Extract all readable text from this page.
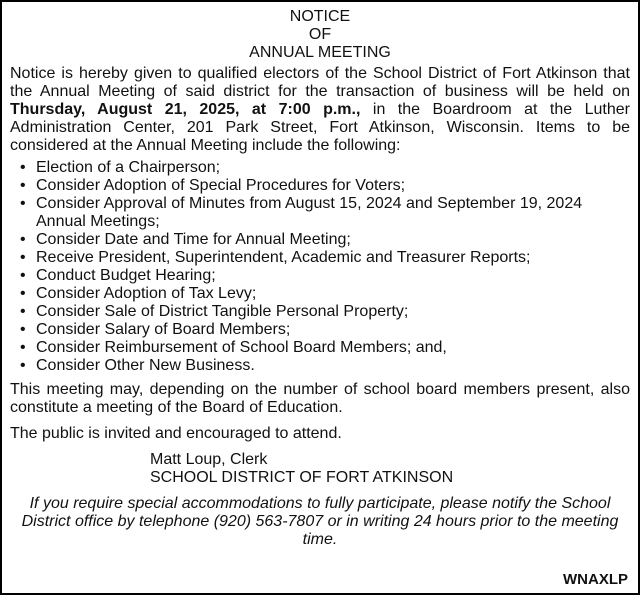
NOTICE
OF
ANNUAL MEETING

Notice is hereby given to qualified electors of the School District of Fort Atkinson that the Annual Meeting of said district for the transaction of business will be held on Thursday, August 21, 2025, at 7:00 p.m., in the Boardroom at the Luther Administration Center, 201 Park Street, Fort Atkinson, Wisconsin. Items to be considered at the Annual Meeting include the following:

• Election of a Chairperson;
• Consider Adoption of Special Procedures for Voters;
• Consider Approval of Minutes from August 15, 2024 and September 19, 2024 Annual Meetings;
• Consider Date and Time for Annual Meeting;
• Receive President, Superintendent, Academic and Treasurer Reports;
• Conduct Budget Hearing;
• Consider Adoption of Tax Levy;
• Consider Sale of District Tangible Personal Property;
• Consider Salary of Board Members;
• Consider Reimbursement of School Board Members; and,
• Consider Other New Business.

This meeting may, depending on the number of school board members present, also constitute a meeting of the Board of Education.

The public is invited and encouraged to attend.

Matt Loup, Clerk
SCHOOL DISTRICT OF FORT ATKINSON

If you require special accommodations to fully participate, please notify the School District office by telephone (920) 563-7807 or in writing 24 hours prior to the meeting time.

WNAXLP
